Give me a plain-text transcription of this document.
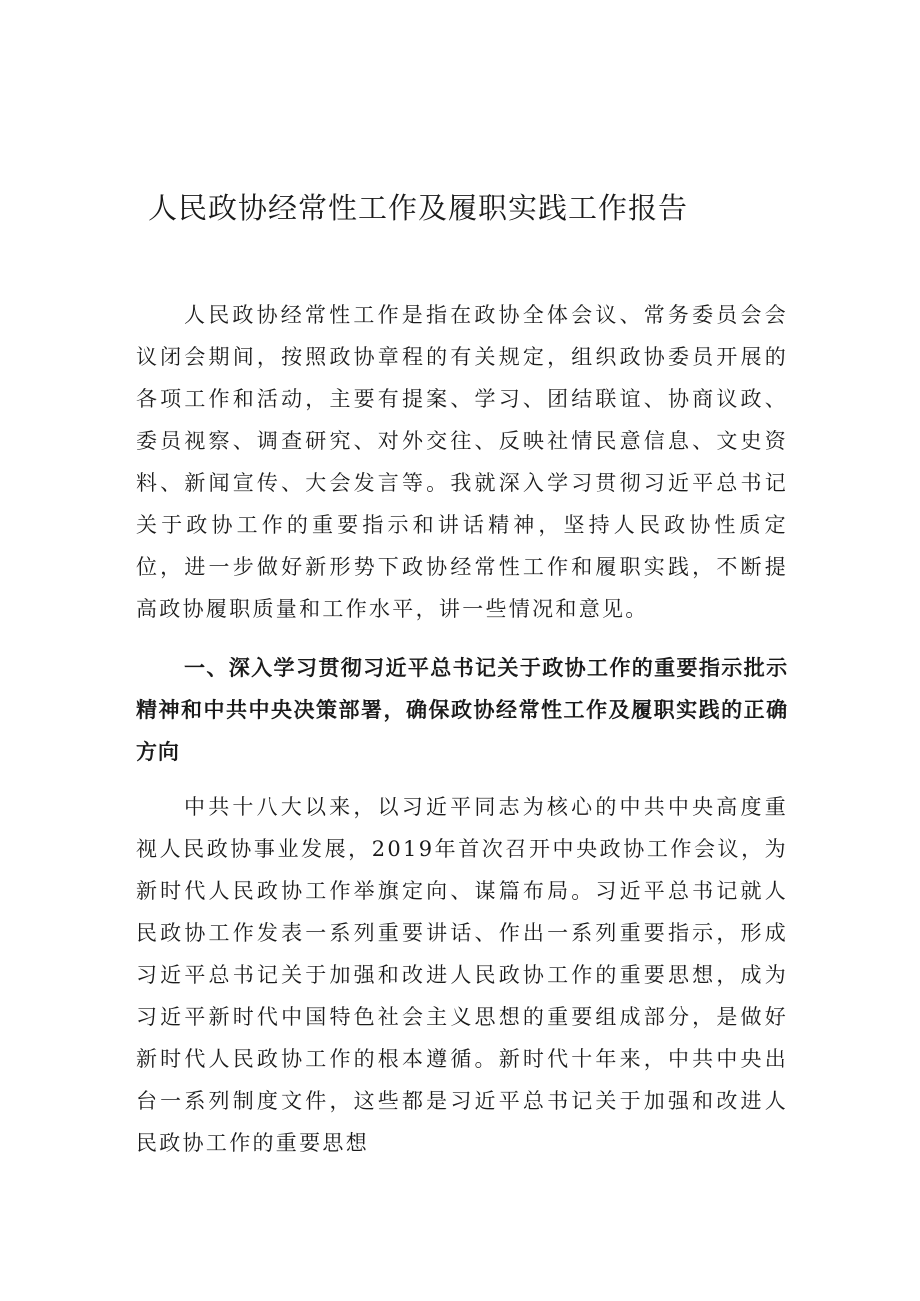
人民政协经常性工作及履职实践工作报告

人民政协经常性工作是指在政协全体会议、常务委员会会议闭会期间，按照政协章程的有关规定，组织政协委员开展的各项工作和活动，主要有提案、学习、团结联谊、协商议政、委员视察、调查研究、对外交往、反映社情民意信息、文史资料、新闻宣传、大会发言等。我就深入学习贯彻习近平总书记关于政协工作的重要指示和讲话精神，坚持人民政协性质定位，进一步做好新形势下政协经常性工作和履职实践，不断提高政协履职质量和工作水平，讲一些情况和意见。

一、深入学习贯彻习近平总书记关于政协工作的重要指示批示精神和中共中央决策部署，确保政协经常性工作及履职实践的正确方向

中共十八大以来，以习近平同志为核心的中共中央高度重视人民政协事业发展，2019年首次召开中央政协工作会议，为新时代人民政协工作举旗定向、谋篇布局。习近平总书记就人民政协工作发表一系列重要讲话、作出一系列重要指示，形成习近平总书记关于加强和改进人民政协工作的重要思想，成为习近平新时代中国特色社会主义思想的重要组成部分，是做好新时代人民政协工作的根本遵循。新时代十年来，中共中央出台一系列制度文件，这些都是习近平总书记关于加强和改进人民政协工作的重要思想
